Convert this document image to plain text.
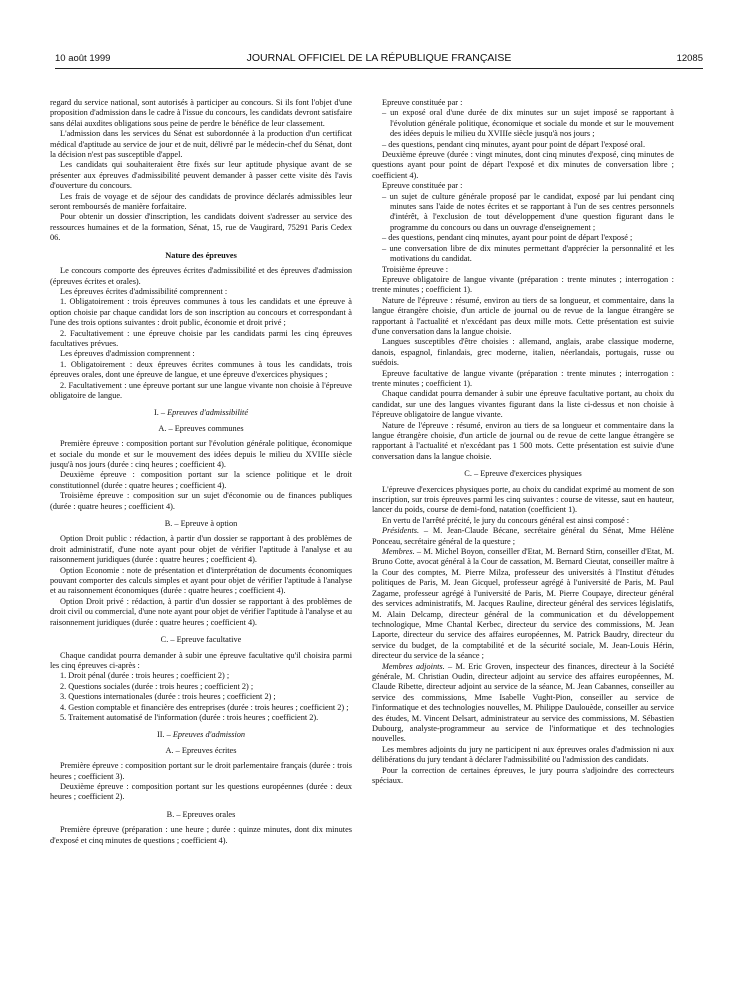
10 août 1999	JOURNAL OFFICIEL DE LA RÉPUBLIQUE FRANÇAISE	12085

regard du service national, sont autorisés à participer au concours. Si ils font l'objet d'une proposition d'admission dans le cadre à l'issue du concours, les candidats devront satisfaire sans délai auxdites obligations sous peine de perdre le bénéfice de leur classement.

L'admission dans les services du Sénat est subordonnée à la production d'un certificat médical d'aptitude au service de jour et de nuit, délivré par le médecin-chef du Sénat, dont la décision n'est pas susceptible d'appel.

Les candidats qui souhaiteraient être fixés sur leur aptitude physique avant de se présenter aux épreuves d'admissibilité peuvent demander à passer cette visite dès l'avis d'ouverture du concours.

Les frais de voyage et de séjour des candidats de province déclarés admissibles leur seront remboursés de manière forfaitaire.

Pour obtenir un dossier d'inscription, les candidats doivent s'adresser au service des ressources humaines et de la formation, Sénat, 15, rue de Vaugirard, 75291 Paris Cedex 06.

Nature des épreuves

Le concours comporte des épreuves écrites d'admissibilité et des épreuves d'admission (épreuves écrites et orales).

Les épreuves écrites d'admissibilité comprennent :

1. Obligatoirement : trois épreuves communes à tous les candidats et une épreuve à option choisie par chaque candidat lors de son inscription au concours et correspondant à l'une des trois options suivantes : droit public, économie et droit privé ;

2. Facultativement : une épreuve choisie par les candidats parmi les cinq épreuves facultatives prévues.

Les épreuves d'admission comprennent :

1. Obligatoirement : deux épreuves écrites communes à tous les candidats, trois épreuves orales, dont une épreuve de langue, et une épreuve d'exercices physiques ;

2. Facultativement : une épreuve portant sur une langue vivante non choisie à l'épreuve obligatoire de langue.

I. – Epreuves d'admissibilité
A. – Epreuves communes

Première épreuve : composition portant sur l'évolution générale politique, économique et sociale du monde et sur le mouvement des idées depuis le milieu du XVIIIe siècle jusqu'à nos jours (durée : cinq heures ; coefficient 4).

Deuxième épreuve : composition portant sur la science politique et le droit constitutionnel (durée : quatre heures ; coefficient 4).

Troisième épreuve : composition sur un sujet d'économie ou de finances publiques (durée : quatre heures ; coefficient 4).

B. – Epreuve à option

Option Droit public : rédaction, à partir d'un dossier se rapportant à des problèmes de droit administratif, d'une note ayant pour objet de vérifier l'aptitude à l'analyse et au raisonnement juridiques (durée : quatre heures ; coefficient 4).

Option Economie : note de présentation et d'interprétation de documents économiques pouvant comporter des calculs simples et ayant pour objet de vérifier l'aptitude à l'analyse et au raisonnement économiques (durée : quatre heures ; coefficient 4).

Option Droit privé : rédaction, à partir d'un dossier se rapportant à des problèmes de droit civil ou commercial, d'une note ayant pour objet de vérifier l'aptitude à l'analyse et au raisonnement juridiques (durée : quatre heures ; coefficient 4).

C. – Epreuve facultative

Chaque candidat pourra demander à subir une épreuve facultative qu'il choisira parmi les cinq épreuves ci-après :

1. Droit pénal (durée : trois heures ; coefficient 2) ;

2. Questions sociales (durée : trois heures ; coefficient 2) ;

3. Questions internationales (durée : trois heures ; coefficient 2) ;

4. Gestion comptable et financière des entreprises (durée : trois heures ; coefficient 2) ;

5. Traitement automatisé de l'information (durée : trois heures ; coefficient 2).

II. – Epreuves d'admission
A. – Epreuves écrites

Première épreuve : composition portant sur le droit parlementaire français (durée : trois heures ; coefficient 3).

Deuxième épreuve : composition portant sur les questions européennes (durée : deux heures ; coefficient 2).

B. – Epreuves orales

Première épreuve (préparation : une heure ; durée : quinze minutes, dont dix minutes d'exposé et cinq minutes de questions ; coefficient 4).

Epreuve constituée par :

– un exposé oral d'une durée de dix minutes sur un sujet imposé se rapportant à l'évolution générale politique, économique et sociale du monde et sur le mouvement des idées depuis le milieu du XVIIIe siècle jusqu'à nos jours ;
– des questions, pendant cinq minutes, ayant pour point de départ l'exposé oral.

Deuxième épreuve (durée : vingt minutes, dont cinq minutes d'exposé, cinq minutes de questions ayant pour point de départ l'exposé et dix minutes de conversation libre ; coefficient 4).

Epreuve constituée par :

– un sujet de culture générale proposé par le candidat, exposé par lui pendant cinq minutes sans l'aide de notes écrites et se rapportant à l'un de ses centres personnels d'intérêt, à l'exclusion de tout développement d'une question figurant dans le programme du concours ou dans un ouvrage d'enseignement ;
– des questions, pendant cinq minutes, ayant pour point de départ l'exposé ;
– une conversation libre de dix minutes permettant d'apprécier la personnalité et les motivations du candidat.

Troisième épreuve :

Epreuve obligatoire de langue vivante (préparation : trente minutes ; interrogation : trente minutes ; coefficient 1).

Nature de l'épreuve : résumé, environ au tiers de sa longueur, et commentaire, dans la langue étrangère choisie, d'un article de journal ou de revue de la langue étrangère se rapportant à l'actualité et n'excédant pas deux mille mots. Cette présentation est suivie d'une conversation dans la langue choisie.

Langues susceptibles d'être choisies : allemand, anglais, arabe classique moderne, danois, espagnol, finlandais, grec moderne, italien, néerlandais, portugais, russe ou suédois.

Epreuve facultative de langue vivante (préparation : trente minutes ; interrogation : trente minutes ; coefficient 1).

Chaque candidat pourra demander à subir une épreuve facultative portant, au choix du candidat, sur une des langues vivantes figurant dans la liste ci-dessus et non choisie à l'épreuve obligatoire de langue vivante.

Nature de l'épreuve : résumé, environ au tiers de sa longueur et commentaire dans la langue étrangère choisie, d'un article de journal ou de revue de cette langue étrangère se rapportant à l'actualité et n'excédant pas 1 500 mots. Cette présentation est suivie d'une conversation dans la langue choisie.

C. – Epreuve d'exercices physiques

L'épreuve d'exercices physiques porte, au choix du candidat exprimé au moment de son inscription, sur trois épreuves parmi les cinq suivantes : course de vitesse, saut en hauteur, lancer du poids, course de demi-fond, natation (coefficient 1).

En vertu de l'arrêté précité, le jury du concours général est ainsi composé :

Présidents. – M. Jean-Claude Bécane, secrétaire général du Sénat, Mme Hélène Ponceau, secrétaire général de la questure ;

Membres. – M. Michel Boyon, conseiller d'Etat, M. Bernard Stirn, conseiller d'Etat, M. Bruno Cotte, avocat général à la Cour de cassation, M. Bernard Cieutat, conseiller maître à la Cour des comptes, M. Pierre Milza, professeur des universités à l'Institut d'études politiques de Paris, M. Jean Gicquel, professeur agrégé à l'université de Paris, M. Paul Zagame, professeur agrégé à l'université de Paris, M. Pierre Coupaye, directeur général des services administratifs, M. Jacques Rauline, directeur général des services législatifs, M. Alain Delcamp, directeur général de la communication et du développement technologique, Mme Chantal Kerbec, directeur du service des commissions, M. Jean Laporte, directeur du service des affaires européennes, M. Patrick Baudry, directeur du service du budget, de la comptabilité et de la sécurité sociale, M. Jean-Louis Hérin, directeur du service de la séance ;

Membres adjoints. – M. Eric Groven, inspecteur des finances, directeur à la Société générale, M. Christian Oudin, directeur adjoint au service des affaires européennes, M. Claude Ribette, directeur adjoint au service de la séance, M. Jean Cabannes, conseiller au service des commissions, Mme Isabelle Vught-Pion, conseiller au service de l'informatique et des technologies nouvelles, M. Philippe Daulouède, conseiller au service des études, M. Vincent Delsart, administrateur au service des commissions, M. Sébastien Dubourg, analyste-programmeur au service de l'informatique et des technologies nouvelles.

Les membres adjoints du jury ne participent ni aux épreuves orales d'admission ni aux délibérations du jury tendant à déclarer l'admissibilité ou l'admission des candidats.

Pour la correction de certaines épreuves, le jury pourra s'adjoindre des correcteurs spéciaux.
